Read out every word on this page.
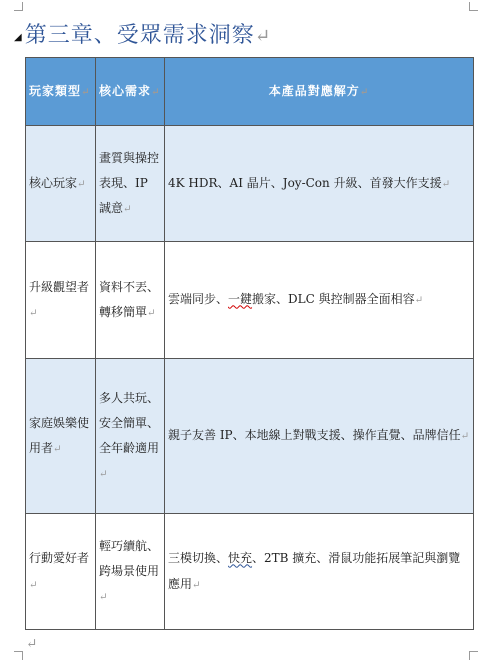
◢第三章、受眾需求洞察↵
玩家類型↵	核心需求↵	本產品對應解方↵
核心玩家↵	畫質與操控表現、IP 誠意↵	4K HDR、AI 晶片、Joy-Con 升級、首發大作支援↵
升級觀望者↵	資料不丟、轉移簡單↵	雲端同步、一鍵搬家、DLC 與控制器全面相容↵
家庭娛樂使用者↵	多人共玩、安全簡單、全年齡適用↵	親子友善 IP、本地線上對戰支援、操作直覺、品牌信任↵
行動愛好者↵	輕巧續航、跨場景使用↵	三模切換、快充、2TB 擴充、滑鼠功能拓展筆記與瀏覽應用↵
↵
